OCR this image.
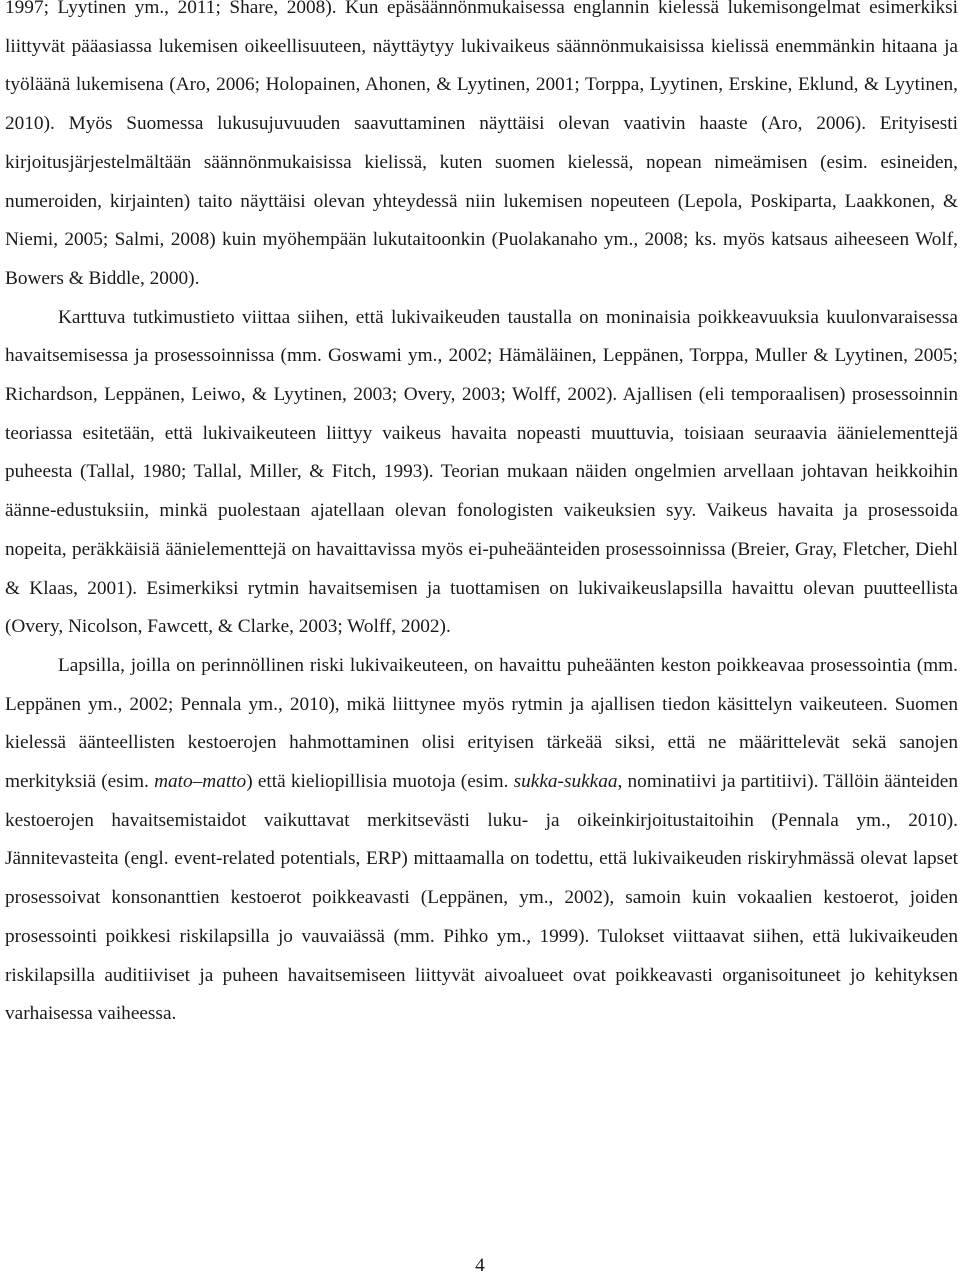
1997; Lyytinen ym., 2011; Share, 2008). Kun epäsäännönmukaisessa englannin kielessä lukemisongelmat esimerkiksi liittyvät pääasiassa lukemisen oikeellisuuteen, näyttäytyy lukivaikeus säännönmukaisissa kielissä enemmänkin hitaana ja työläänä lukemisena (Aro, 2006; Holopainen, Ahonen, & Lyytinen, 2001; Torppa, Lyytinen, Erskine, Eklund, & Lyytinen, 2010). Myös Suomessa lukusujuvuuden saavuttaminen näyttäisi olevan vaativin haaste (Aro, 2006). Erityisesti kirjoitusjärjestelmältään säännönmukaisissa kielissä, kuten suomen kielessä, nopean nimeämisen (esim. esineiden, numeroiden, kirjainten) taito näyttäisi olevan yhteydessä niin lukemisen nopeuteen (Lepola, Poskiparta, Laakkonen, & Niemi, 2005; Salmi, 2008) kuin myöhempään lukutaitoonkin (Puolakanaho ym., 2008; ks. myös katsaus aiheeseen Wolf, Bowers & Biddle, 2000).

Karttuva tutkimustieto viittaa siihen, että lukivaikeuden taustalla on moninaisia poikkeavuuksia kuulonvaraisessa havaitsemisessa ja prosessoinnissa (mm. Goswami ym., 2002; Hämäläinen, Leppänen, Torppa, Muller & Lyytinen, 2005; Richardson, Leppänen, Leiwo, & Lyytinen, 2003; Overy, 2003; Wolff, 2002). Ajallisen (eli temporaalisen) prosessoinnin teoriassa esitetään, että lukivaikeuteen liittyy vaikeus havaita nopeasti muuttuvia, toisiaan seuraavia äänielementtejä puheesta (Tallal, 1980; Tallal, Miller, & Fitch, 1993). Teorian mukaan näiden ongelmien arvellaan johtavan heikkoihin äänne-edustuksiin, minkä puolestaan ajatellaan olevan fonologisten vaikeuksien syy. Vaikeus havaita ja prosessoida nopeita, peräkkäisiä äänielementtejä on havaittavissa myös ei-puheäänteiden prosessoinnissa (Breier, Gray, Fletcher, Diehl & Klaas, 2001). Esimerkiksi rytmin havaitsemisen ja tuottamisen on lukivaikeuslapsilla havaittu olevan puutteellista (Overy, Nicolson, Fawcett, & Clarke, 2003; Wolff, 2002).

Lapsilla, joilla on perinnöllinen riski lukivaikeuteen, on havaittu puheäänten keston poikkeavaa prosessointia (mm. Leppänen ym., 2002; Pennala ym., 2010), mikä liittynee myös rytmin ja ajallisen tiedon käsittelyn vaikeuteen. Suomen kielessä äänteellisten kestoerojen hahmottaminen olisi erityisen tärkeää siksi, että ne määrittelevät sekä sanojen merkityksiä (esim. mato–matto) että kieliopillisia muotoja (esim. sukka-sukkaa, nominatiivi ja partitiivi). Tällöin äänteiden kestoerojen havaitsemistaidot vaikuttavat merkitsevästi luku- ja oikeinkirjoitustaitoihin (Pennala ym., 2010). Jännitevasteita (engl. event-related potentials, ERP) mittaamalla on todettu, että lukivaikeuden riskiryhmässä olevat lapset prosessoivat konsonanttien kestoerot poikkeavasti (Leppänen, ym., 2002), samoin kuin vokaalien kestoerot, joiden prosessointi poikkesi riskilapsilla jo vauvaiässä (mm. Pihko ym., 1999). Tulokset viittaavat siihen, että lukivaikeuden riskilapsilla auditiiviset ja puheen havaitsemiseen liittyvät aivoalueet ovat poikkeavasti organisoituneet jo kehityksen varhaisessa vaiheessa.

4
